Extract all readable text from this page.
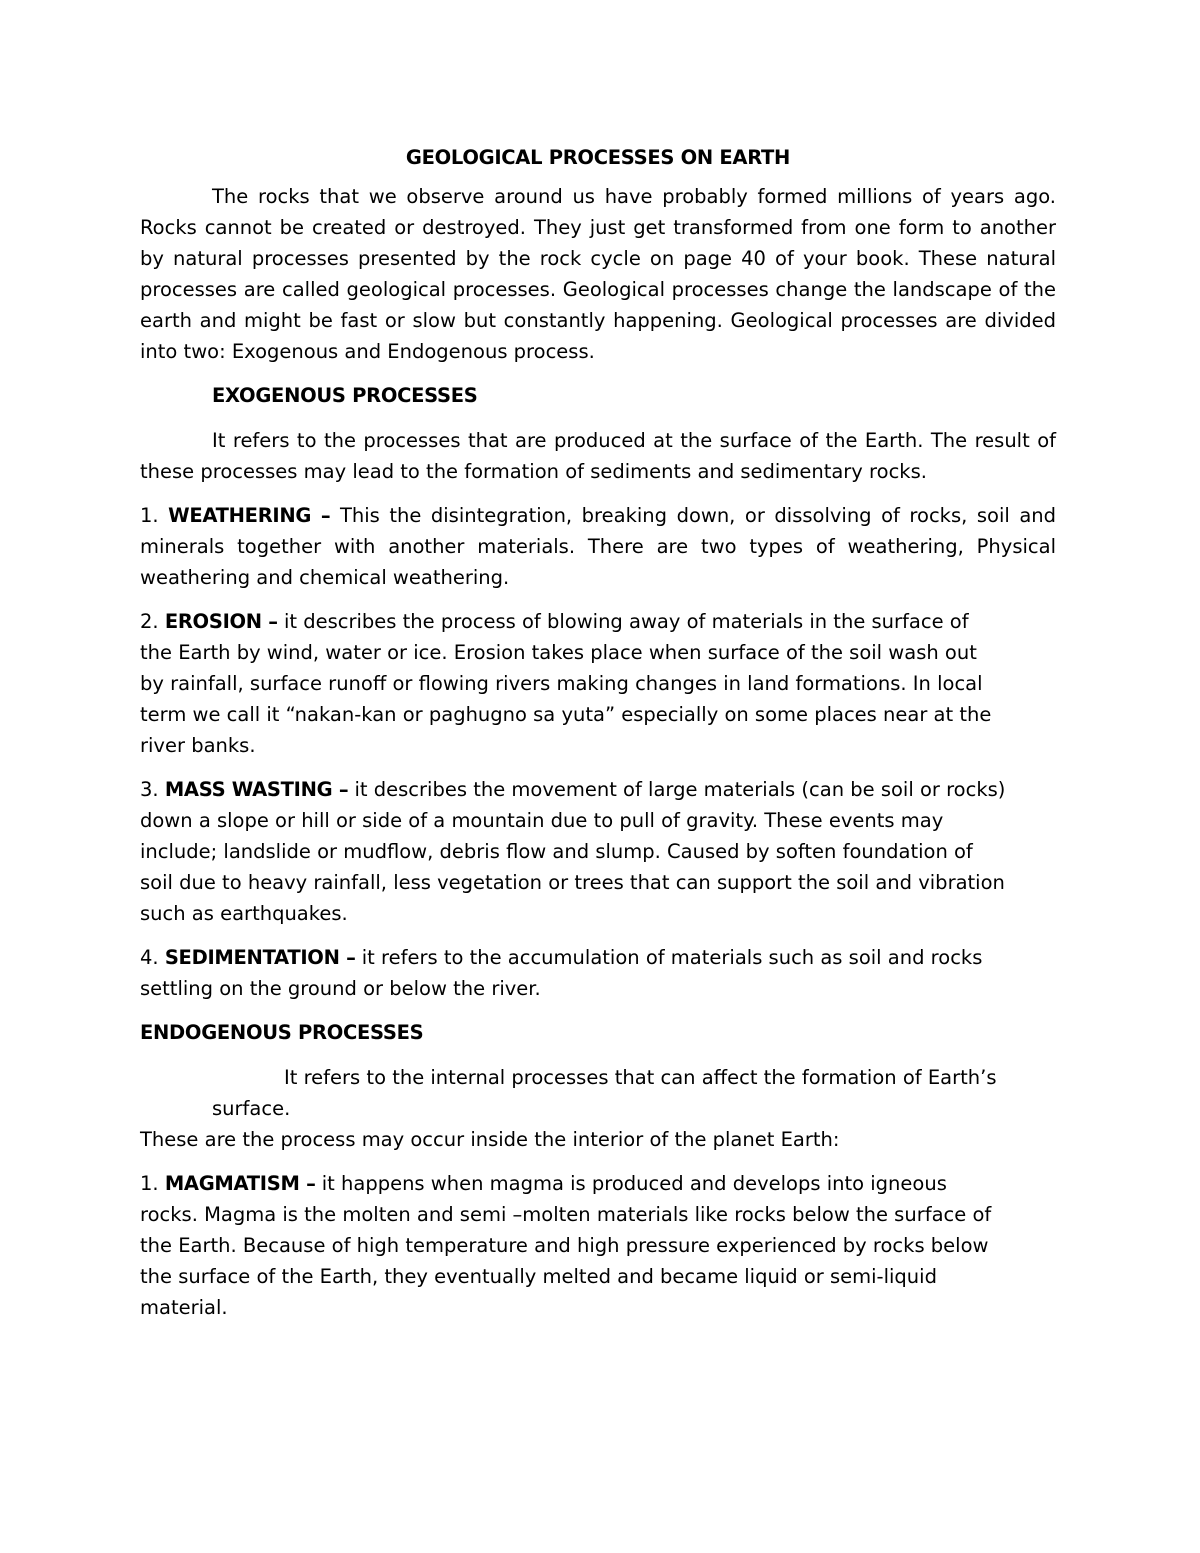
GEOLOGICAL PROCESSES ON EARTH

The rocks that we observe around us have probably formed millions of years ago. Rocks cannot be created or destroyed. They just get transformed from one form to another by natural processes presented by the rock cycle on page 40 of your book. These natural processes are called geological processes. Geological processes change the landscape of the earth and might be fast or slow but constantly happening. Geological processes are divided into two: Exogenous and Endogenous process.

EXOGENOUS PROCESSES

It refers to the processes that are produced at the surface of the Earth. The result of these processes may lead to the formation of sediments and sedimentary rocks.

1. WEATHERING – This the disintegration, breaking down, or dissolving of rocks, soil and minerals together with another materials. There are two types of weathering, Physical weathering and chemical weathering.

2. EROSION – it describes the process of blowing away of materials in the surface of
the Earth by wind, water or ice. Erosion takes place when surface of the soil wash out
by rainfall, surface runoff or flowing rivers making changes in land formations. In local
term we call it “nakan-kan or paghugno sa yuta” especially on some places near at the
river banks.

3. MASS WASTING – it describes the movement of large materials (can be soil or rocks)
down a slope or hill or side of a mountain due to pull of gravity. These events may
include; landslide or mudflow, debris flow and slump. Caused by soften foundation of
soil due to heavy rainfall, less vegetation or trees that can support the soil and vibration
such as earthquakes.

4. SEDIMENTATION – it refers to the accumulation of materials such as soil and rocks
settling on the ground or below the river.

ENDOGENOUS PROCESSES

It refers to the internal processes that can affect the formation of Earth’s surface.
These are the process may occur inside the interior of the planet Earth:

1. MAGMATISM – it happens when magma is produced and develops into igneous
rocks. Magma is the molten and semi –molten materials like rocks below the surface of
the Earth. Because of high temperature and high pressure experienced by rocks below
the surface of the Earth, they eventually melted and became liquid or semi-liquid
material.
